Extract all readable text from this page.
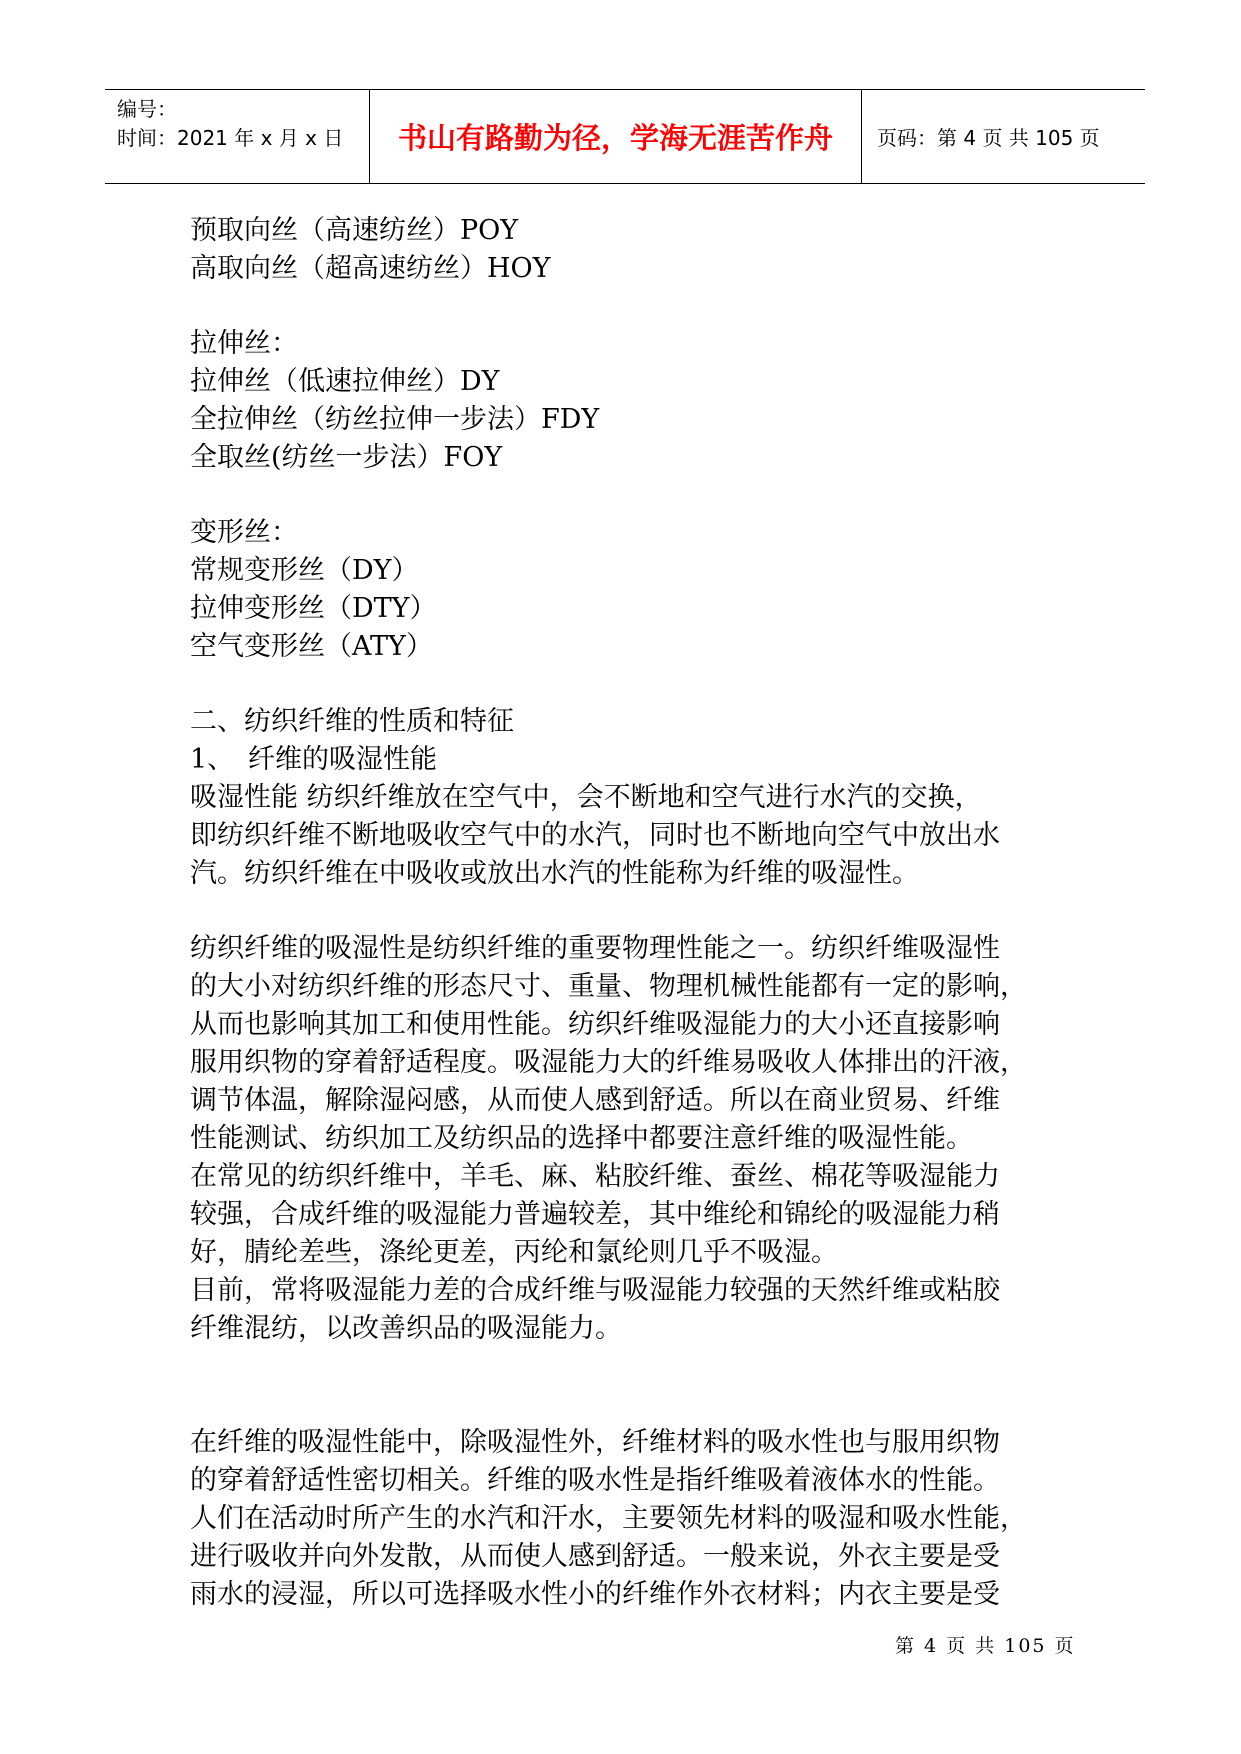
编号：
时间：2021 年 x 月 x 日	书山有路勤为径，学海无涯苦作舟	页码：第 4 页 共 105 页

预取向丝（高速纺丝）POY

高取向丝（超高速纺丝）HOY

拉伸丝：

拉伸丝（低速拉伸丝）DY

全拉伸丝（纺丝拉伸一步法）FDY

全取丝(纺丝一步法）FOY

变形丝：

常规变形丝（DY）

拉伸变形丝（DTY）

空气变形丝（ATY）

二、纺织纤维的性质和特征

1、 纤维的吸湿性能

吸湿性能 纺织纤维放在空气中，会不断地和空气进行水汽的交换，

即纺织纤维不断地吸收空气中的水汽，同时也不断地向空气中放出水

汽。纺织纤维在中吸收或放出水汽的性能称为纤维的吸湿性。

纺织纤维的吸湿性是纺织纤维的重要物理性能之一。纺织纤维吸湿性

的大小对纺织纤维的形态尺寸、重量、物理机械性能都有一定的影响，

从而也影响其加工和使用性能。纺织纤维吸湿能力的大小还直接影响

服用织物的穿着舒适程度。吸湿能力大的纤维易吸收人体排出的汗液，

调节体温，解除湿闷感，从而使人感到舒适。所以在商业贸易、纤维

性能测试、纺织加工及纺织品的选择中都要注意纤维的吸湿性能。

在常见的纺织纤维中，羊毛、麻、粘胶纤维、蚕丝、棉花等吸湿能力

较强，合成纤维的吸湿能力普遍较差，其中维纶和锦纶的吸湿能力稍

好，腈纶差些，涤纶更差，丙纶和氯纶则几乎不吸湿。

目前，常将吸湿能力差的合成纤维与吸湿能力较强的天然纤维或粘胶

纤维混纺，以改善织品的吸湿能力。

在纤维的吸湿性能中，除吸湿性外，纤维材料的吸水性也与服用织物

的穿着舒适性密切相关。纤维的吸水性是指纤维吸着液体水的性能。

人们在活动时所产生的水汽和汗水，主要领先材料的吸湿和吸水性能，

进行吸收并向外发散，从而使人感到舒适。一般来说，外衣主要是受

雨水的浸湿，所以可选择吸水性小的纤维作外衣材料；内衣主要是受

第 4 页 共 105 页
